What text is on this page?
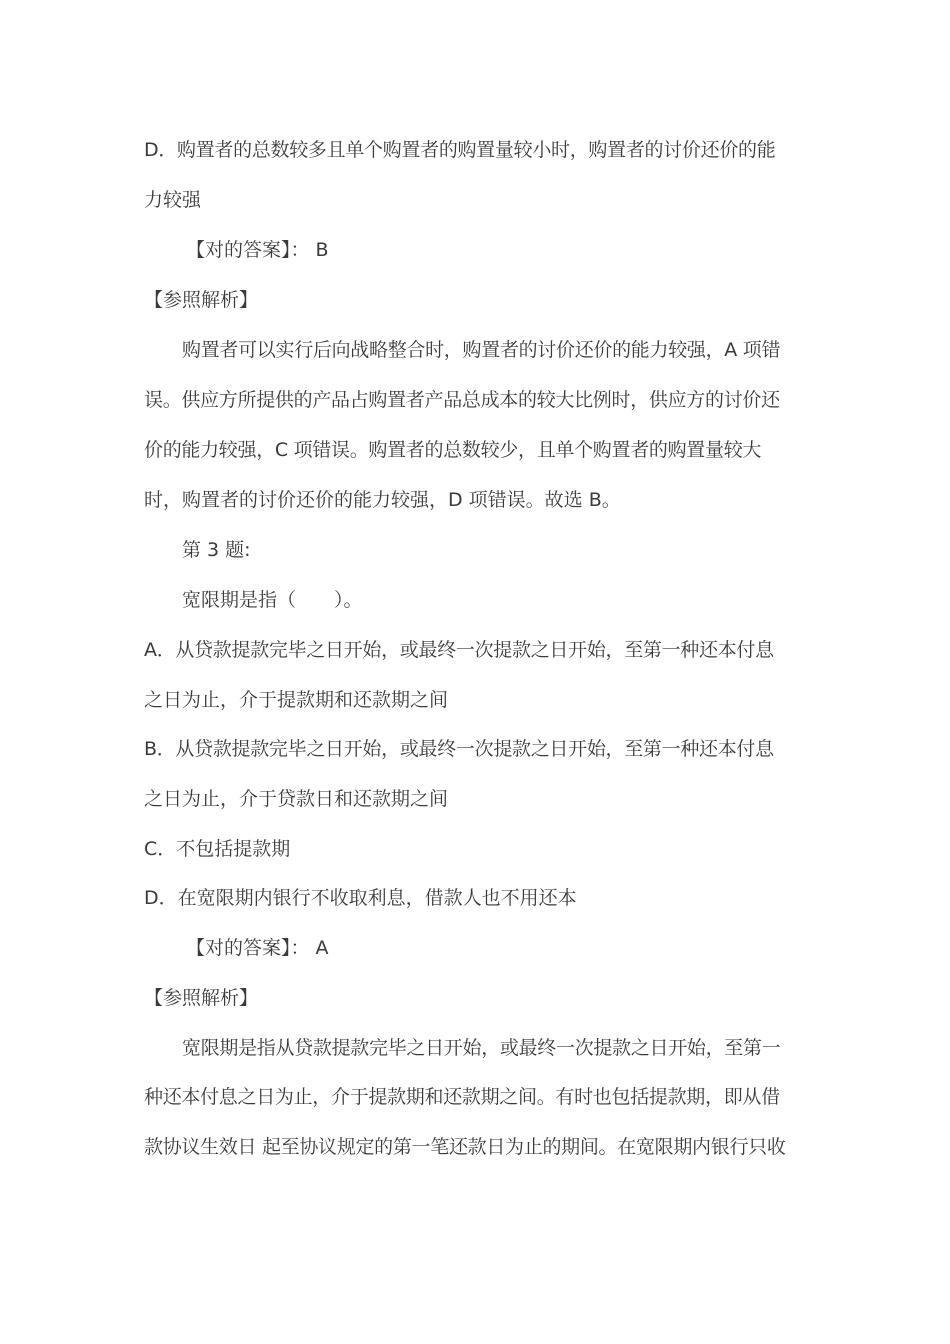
D．购置者的总数较多且单个购置者的购置量较小时，购置者的讨价还价的能
力较强
【对的答案】： B
【参照解析】
购置者可以实行后向战略整合时，购置者的讨价还价的能力较强，A 项错
误。供应方所提供的产品占购置者产品总成本的较大比例时，供应方的讨价还
价的能力较强，C 项错误。购置者的总数较少，且单个购置者的购置量较大
时，购置者的讨价还价的能力较强，D 项错误。故选 B。
第 3 题:
宽限期是指（　　）。
A．从贷款提款完毕之日开始，或最终一次提款之日开始，至第一种还本付息
之日为止，介于提款期和还款期之间
B．从贷款提款完毕之日开始，或最终一次提款之日开始，至第一种还本付息
之日为止，介于贷款日和还款期之间
C．不包括提款期
D．在宽限期内银行不收取利息，借款人也不用还本
【对的答案】： A
【参照解析】
宽限期是指从贷款提款完毕之日开始，或最终一次提款之日开始，至第一
种还本付息之日为止，介于提款期和还款期之间。有时也包括提款期，即从借
款协议生效日 起至协议规定的第一笔还款日为止的期间。在宽限期内银行只收
